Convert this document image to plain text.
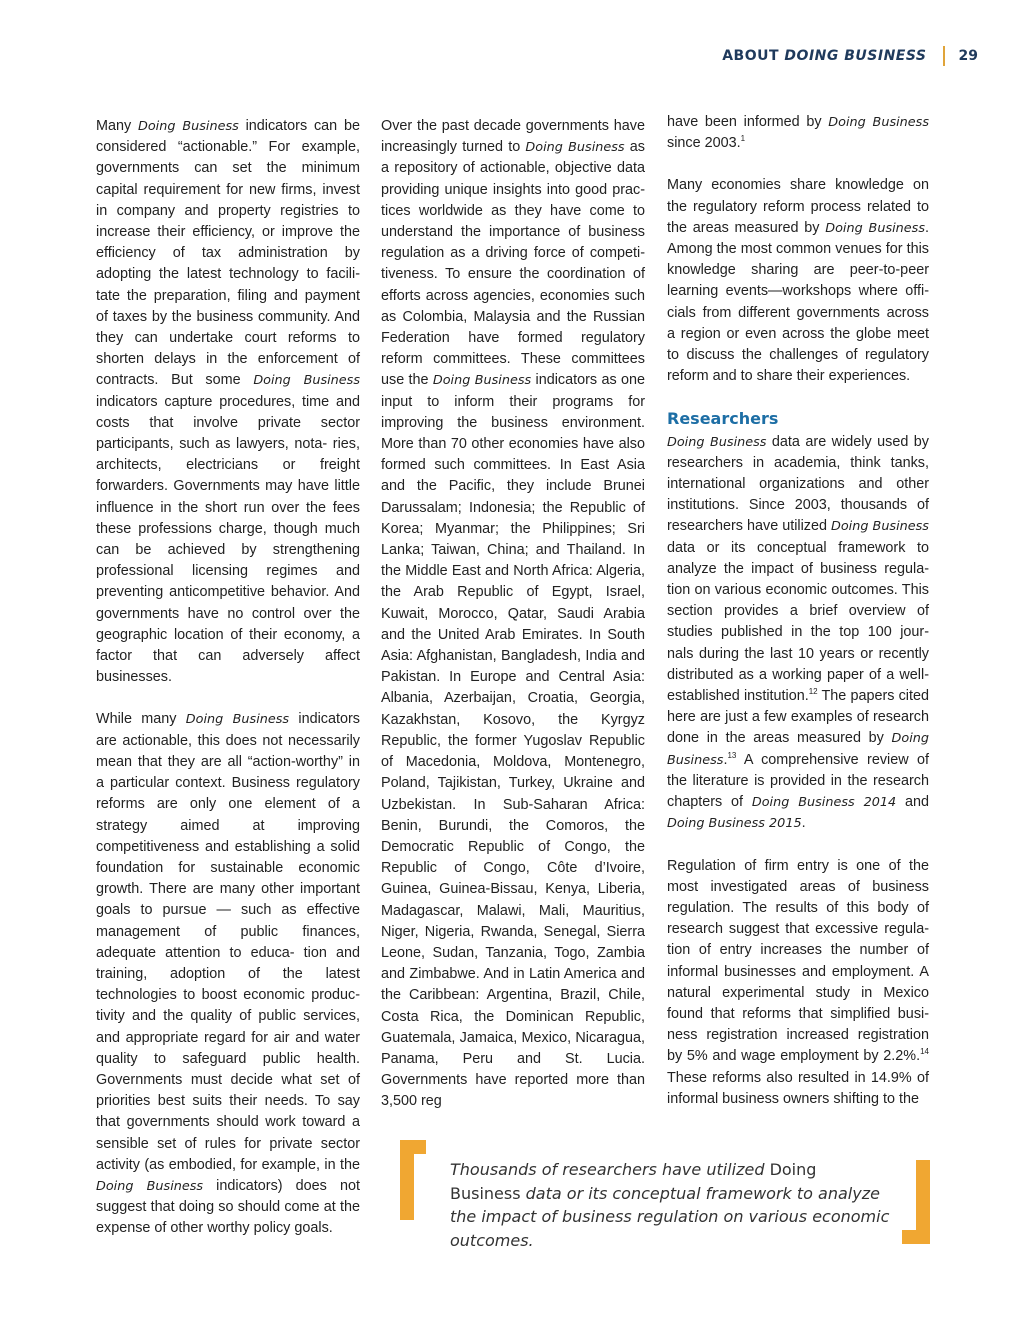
ABOUT DOING BUSINESS 29

Many Doing Business indicators can be considered “actionable.” For example, governments can set the minimum capital requirement for new firms, invest in company and property registries to increase their efficiency, or improve the efficiency of tax administration by adopting the latest technology to facili- tate the preparation, filing and payment of taxes by the business community. And they can undertake court reforms to shorten delays in the enforcement of contracts. But some Doing Business indicators capture procedures, time and costs that involve private sector participants, such as lawyers, nota- ries, architects, electricians or freight forwarders. Governments may have little influence in the short run over the fees these professions charge, though much can be achieved by strengthening professional licensing regimes and preventing anticompetitive behavior. And governments have no control over the geographic location of their economy, a factor that can adversely affect businesses.

While many Doing Business indicators are actionable, this does not necessarily mean that they are all “action-worthy” in a particular context. Business regulatory reforms are only one element of a strategy aimed at improving competitiveness and establishing a solid foundation for sustainable economic growth. There are many other important goals to pursue — such as effective management of public finances, adequate attention to educa- tion and training, adoption of the latest technologies to boost economic produc- tivity and the quality of public services, and appropriate regard for air and water quality to safeguard public health. Governments must decide what set of priorities best suits their needs. To say that governments should work toward a sensible set of rules for private sector activity (as embodied, for example, in the Doing Business indicators) does not suggest that doing so should come at the expense of other worthy policy goals.

Over the past decade governments have increasingly turned to Doing Business as a repository of actionable, objective data providing unique insights into good prac- tices worldwide as they have come to understand the importance of business regulation as a driving force of competi- tiveness. To ensure the coordination of efforts across agencies, economies such as Colombia, Malaysia and the Russian Federation have formed regulatory reform committees. These committees use the Doing Business indicators as one input to inform their programs for improving the business environment. More than 70 other economies have also formed such committees. In East Asia and the Pacific, they include Brunei Darussalam; Indonesia; the Republic of Korea; Myanmar; the Philippines; Sri Lanka; Taiwan, China; and Thailand. In the Middle East and North Africa: Algeria, the Arab Republic of Egypt, Israel, Kuwait, Morocco, Qatar, Saudi Arabia and the United Arab Emirates. In South Asia: Afghanistan, Bangladesh, India and Pakistan. In Europe and Central Asia: Albania, Azerbaijan, Croatia, Georgia, Kazakhstan, Kosovo, the Kyrgyz Republic, the former Yugoslav Republic of Macedonia, Moldova, Montenegro, Poland, Tajikistan, Turkey, Ukraine and Uzbekistan. In Sub-Saharan Africa: Benin, Burundi, the Comoros, the Democratic Republic of Congo, the Republic of Congo, Côte d’Ivoire, Guinea, Guinea-Bissau, Kenya, Liberia, Madagascar, Malawi, Mali, Mauritius, Niger, Nigeria, Rwanda, Senegal, Sierra Leone, Sudan, Tanzania, Togo, Zambia and Zimbabwe. And in Latin America and the Caribbean: Argentina, Brazil, Chile, Costa Rica, the Dominican Republic, Guatemala, Jamaica, Mexico, Nicaragua, Panama, Peru and St. Lucia. Governments have reported more than 3,500 reg

have been informed by Doing Business since 2003.$^1$

Many economies share knowledge on the regulatory reform process related to the areas measured by Doing Business. Among the most common venues for this knowledge sharing are peer-to-peer learning events—workshops where offi- cials from different governments across a region or even across the globe meet to discuss the challenges of regulatory reform and to share their experiences.

Researchers

Doing Business data are widely used by researchers in academia, think tanks, international organizations and other institutions. Since 2003, thousands of researchers have utilized Doing Business data or its conceptual framework to analyze the impact of business regula- tion on various economic outcomes. This section provides a brief overview of studies published in the top 100 jour- nals during the last 10 years or recently distributed as a working paper of a well-established institution.$^{12}$ The papers cited here are just a few examples of research done in the areas measured by Doing Business.$^{13}$ A comprehensive review of the literature is provided in the research chapters of Doing Business 2014 and Doing Business 2015.

Regulation of firm entry is one of the most investigated areas of business regulation. The results of this body of research suggest that excessive regula- tion of entry increases the number of informal businesses and employment. A natural experimental study in Mexico found that reforms that simplified busi- ness registration increased registration by 5% and wage employment by 2.2%.$^{14}$ These reforms also resulted in 14.9% of informal business owners shifting to the

Thousands of researchers have utilized Doing Business data or its conceptual framework to analyze the impact of business regulation on various economic outcomes.
